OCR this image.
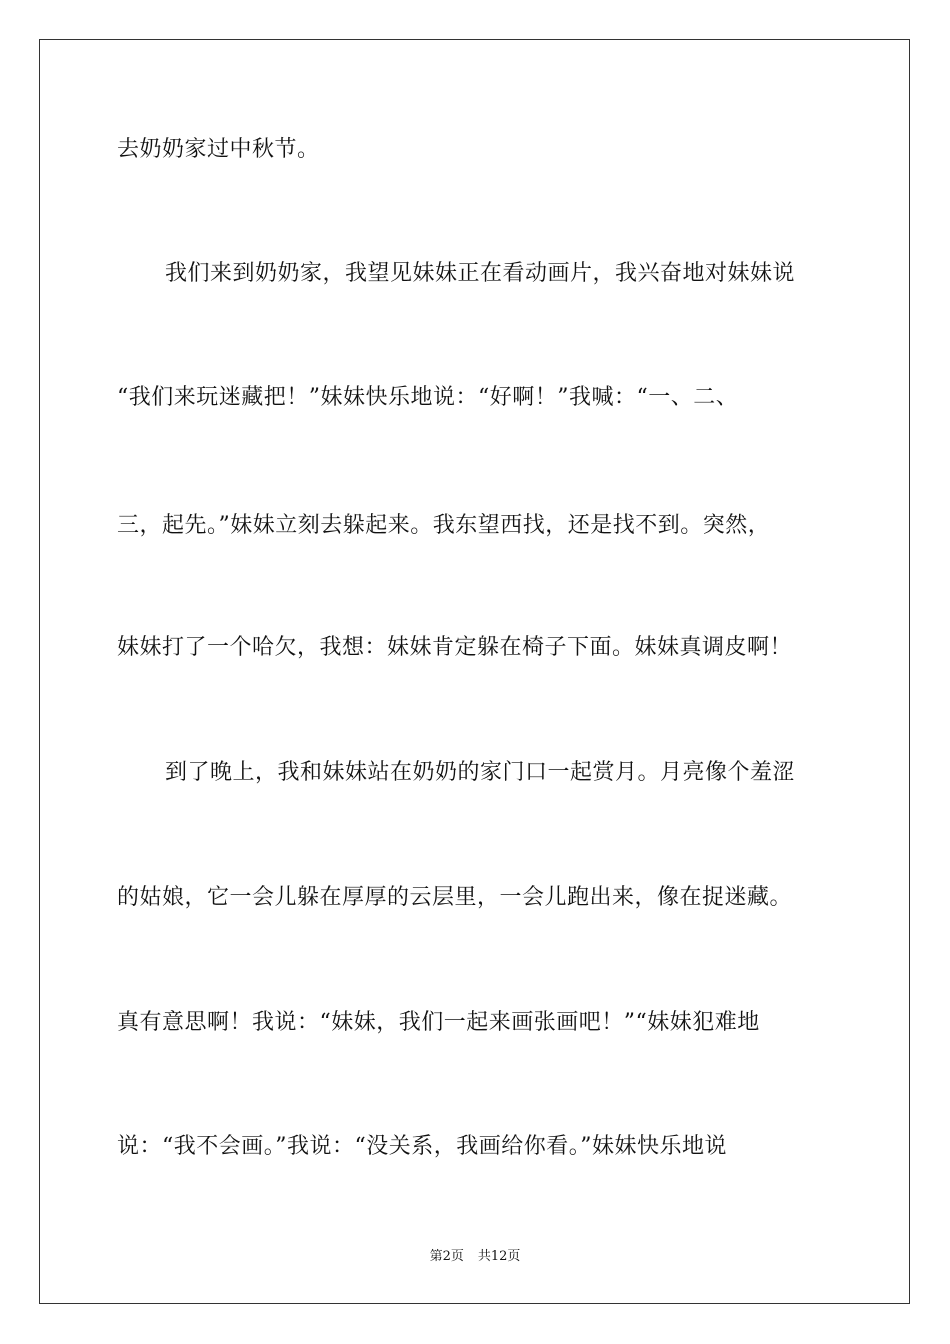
去奶奶家过中秋节。
我们来到奶奶家，我望见妹妹正在看动画片，我兴奋地对妹妹说
“我们来玩迷藏把！”妹妹快乐地说：“好啊！”我喊：“一、二、
三，起先。”妹妹立刻去躲起来。我东望西找，还是找不到。突然，
妹妹打了一个哈欠，我想：妹妹肯定躲在椅子下面。妹妹真调皮啊！
到了晚上，我和妹妹站在奶奶的家门口一起赏月。月亮像个羞涩
的姑娘，它一会儿躲在厚厚的云层里，一会儿跑出来，像在捉迷藏。
真有意思啊！我说：“妹妹，我们一起来画张画吧！”“妹妹犯难地
说：“我不会画。”我说：“没关系，我画给你看。”妹妹快乐地说
第2页 共12页
